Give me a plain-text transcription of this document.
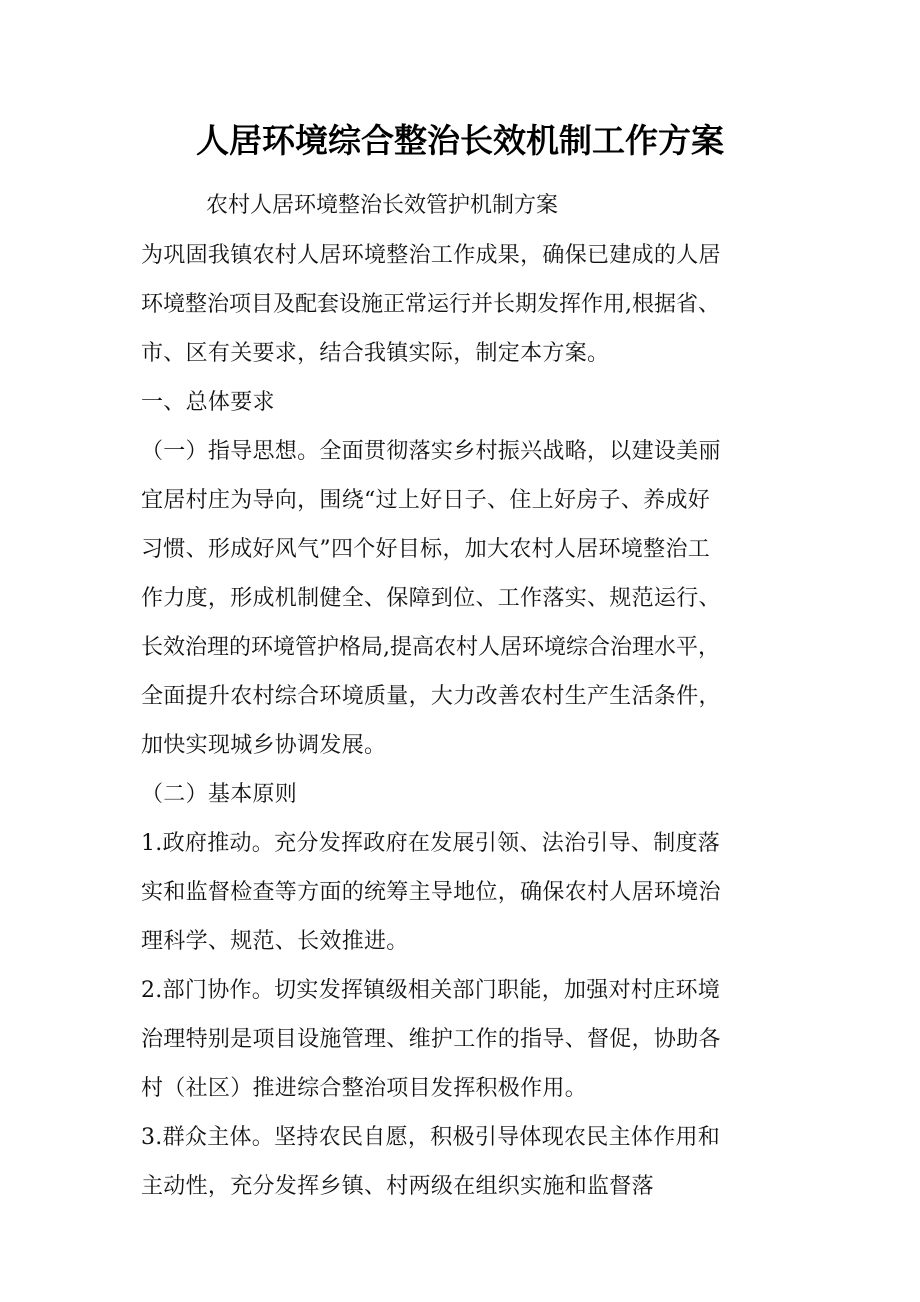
人居环境综合整治长效机制工作方案
农村人居环境整治长效管护机制方案
为巩固我镇农村人居环境整治工作成果，确保已建成的人居
环境整治项目及配套设施正常运行并长期发挥作用,根据省、
市、区有关要求，结合我镇实际，制定本方案。
一、总体要求
（一）指导思想。全面贯彻落实乡村振兴战略，以建设美丽
宜居村庄为导向，围绕“过上好日子、住上好房子、养成好
习惯、形成好风气”四个好目标，加大农村人居环境整治工
作力度，形成机制健全、保障到位、工作落实、规范运行、
长效治理的环境管护格局,提高农村人居环境综合治理水平，
全面提升农村综合环境质量，大力改善农村生产生活条件，
加快实现城乡协调发展。
（二）基本原则
1.政府推动。充分发挥政府在发展引领、法治引导、制度落
实和监督检查等方面的统筹主导地位，确保农村人居环境治
理科学、规范、长效推进。
2.部门协作。切实发挥镇级相关部门职能，加强对村庄环境
治理特别是项目设施管理、维护工作的指导、督促，协助各
村（社区）推进综合整治项目发挥积极作用。
3.群众主体。坚持农民自愿，积极引导体现农民主体作用和
主动性，充分发挥乡镇、村两级在组织实施和监督落
